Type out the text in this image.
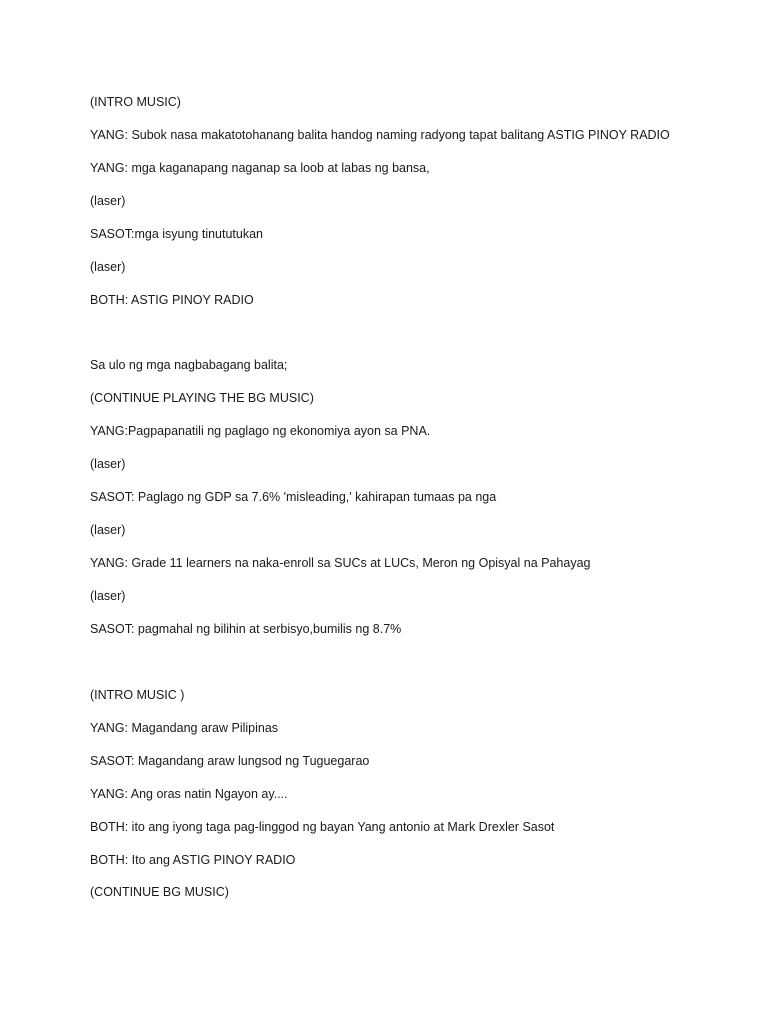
(INTRO MUSIC)

YANG: Subok nasa makatotohanang balita handog naming radyong tapat balitang ASTIG PINOY RADIO

YANG: mga kaganapang naganap sa loob at labas ng bansa,

(laser)

SASOT:mga isyung tinututukan

(laser)

BOTH: ASTIG PINOY RADIO

Sa ulo ng mga nagbabagang balita;

(CONTINUE PLAYING THE BG MUSIC)

YANG:Pagpapanatili ng paglago ng ekonomiya ayon sa PNA.

(laser)

SASOT: Paglago ng GDP sa 7.6% 'misleading,' kahirapan tumaas pa nga

(laser)

YANG: Grade 11 learners na naka-enroll sa SUCs at LUCs, Meron ng Opisyal na Pahayag

(laser)

SASOT: pagmahal ng bilihin at serbisyo,bumilis ng 8.7%

(INTRO MUSIC )

YANG: Magandang araw Pilipinas

SASOT: Magandang araw lungsod ng Tuguegarao

YANG: Ang oras natin Ngayon ay....

BOTH: ito ang iyong taga pag-linggod ng bayan Yang antonio at Mark Drexler Sasot

BOTH: Ito ang ASTIG PINOY RADIO

(CONTINUE BG MUSIC)
